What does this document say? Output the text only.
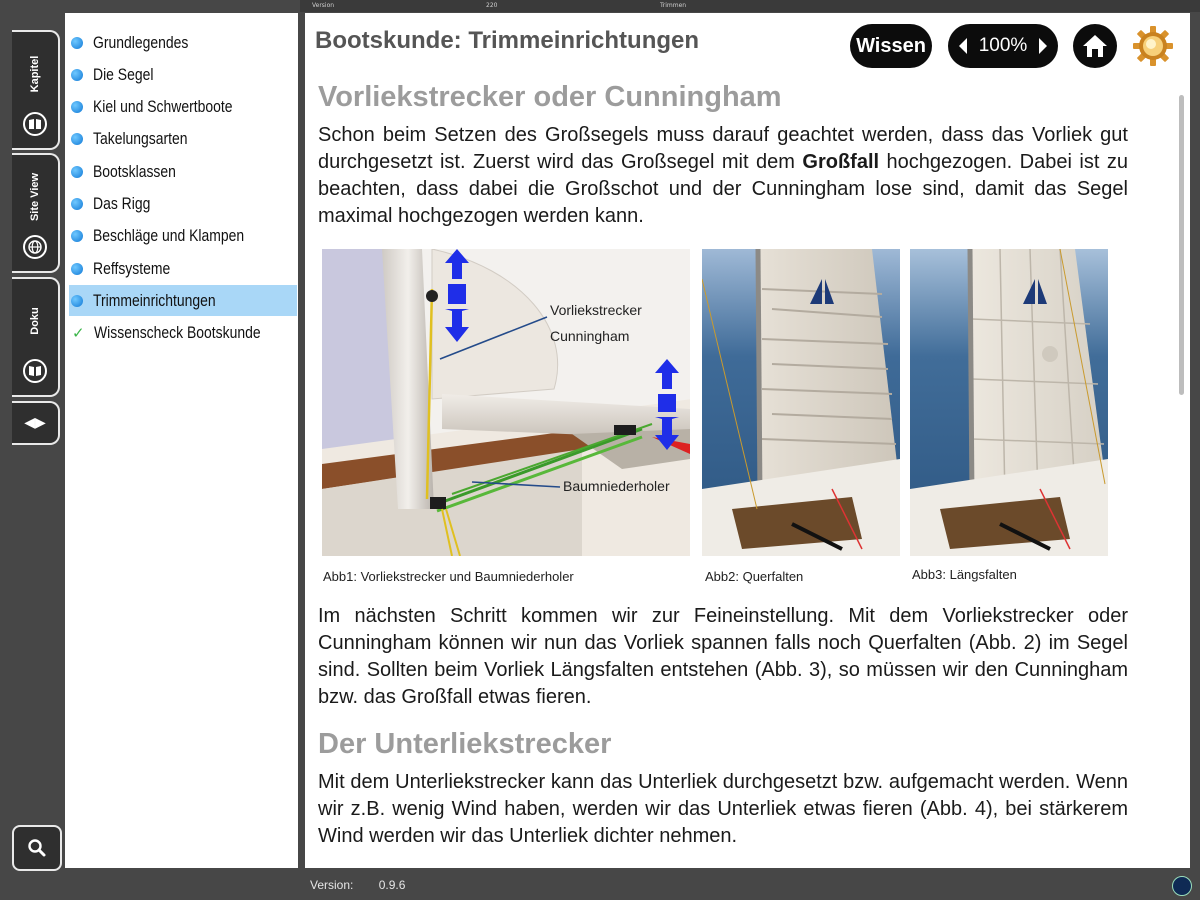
Version	220	Trimmen
Kapitel
Site View
Doku
◀▶
Grundlegendes
Die Segel
Kiel und Schwertboote
Takelungsarten
Bootsklassen
Das Rigg
Beschläge und Klampen
Reffsysteme
Trimmeinrichtungen
✓ Wissenscheck Bootskunde
Bootskunde: Trimmeinrichtungen	Wissen	100%
Vorliekstrecker oder Cunningham

Schon beim Setzen des Großsegels muss darauf geachtet werden, dass das Vorliek gut durchgesetzt ist. Zuerst wird das Großsegel mit dem Großfall hochgezogen. Dabei ist zu beachten, dass dabei die Großschot und der Cunningham lose sind, damit das Segel maximal hochgezogen werden kann.

Vorliekstrecker
Cunningham
Baumniederholer
Abb1: Vorliekstrecker und Baumniederholer	Abb2: Querfalten	Abb3: Längsfalten

Im nächsten Schritt kommen wir zur Feineinstellung. Mit dem Vorliekstrecker oder Cunningham können wir nun das Vorliek spannen falls noch Querfalten (Abb. 2) im Segel sind. Sollten beim Vorliek Längsfalten entstehen (Abb. 3), so müssen wir den Cunningham bzw. das Großfall etwas fieren.

Der Unterliekstrecker

Mit dem Unterliekstrecker kann das Unterliek durchgesetzt bzw. aufgemacht werden. Wenn wir z.B. wenig Wind haben, werden wir das Unterliek etwas fieren (Abb. 4), bei stärkerem Wind werden wir das Unterliek dichter nehmen.

Version: 0.9.6
